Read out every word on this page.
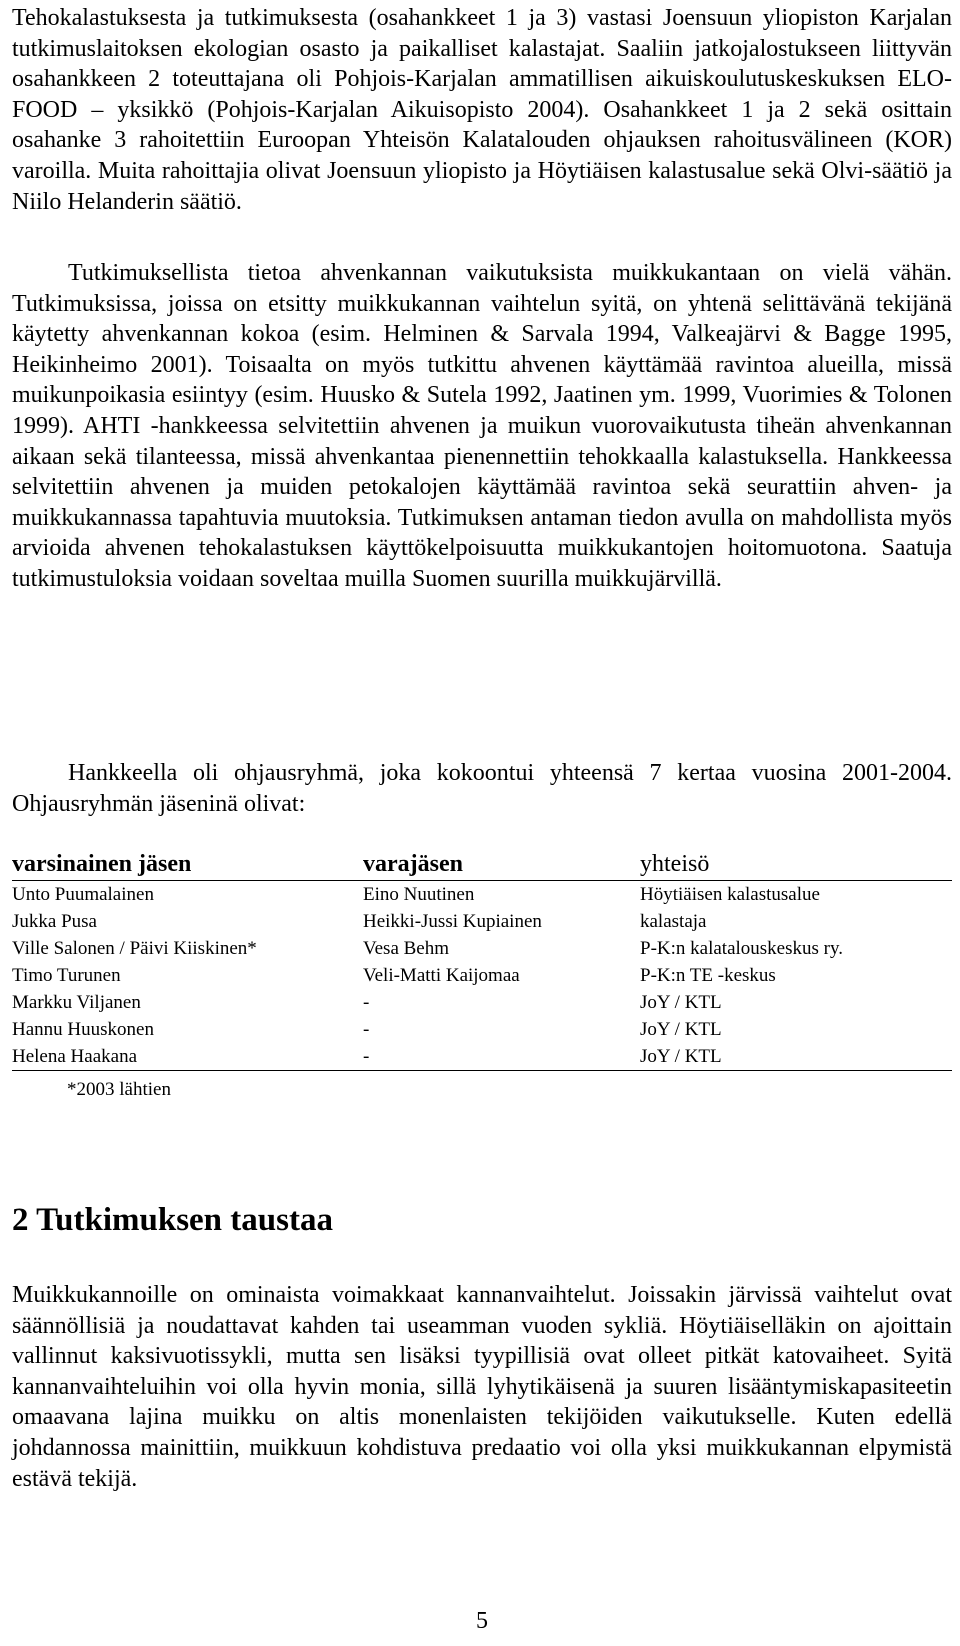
Tehokalastuksesta ja tutkimuksesta (osahankkeet 1 ja 3) vastasi Joensuun yliopiston Karjalan tutkimuslaitoksen ekologian osasto ja paikalliset kalastajat. Saaliin jatkojalostukseen liittyvän osahankkeen 2 toteuttajana oli Pohjois-Karjalan ammatillisen aikuiskoulutuskeskuksen ELO-FOOD – yksikkö (Pohjois-Karjalan Aikuisopisto 2004). Osahankkeet 1 ja 2 sekä osittain osahanke 3 rahoitettiin Euroopan Yhteisön Kalatalouden ohjauksen rahoitusvälineen (KOR) varoilla. Muita rahoittajia olivat Joensuun yliopisto ja Höytiäisen kalastusalue sekä Olvi-säätiö ja Niilo Helanderin säätiö.

Tutkimuksellista tietoa ahvenkannan vaikutuksista muikkukantaan on vielä vähän. Tutkimuksissa, joissa on etsitty muikkukannan vaihtelun syitä, on yhtenä selittävänä tekijänä käytetty ahvenkannan kokoa (esim. Helminen & Sarvala 1994, Valkeajärvi & Bagge 1995, Heikinheimo 2001). Toisaalta on myös tutkittu ahvenen käyttämää ravintoa alueilla, missä muikunpoikasia esiintyy (esim. Huusko & Sutela 1992, Jaatinen ym. 1999, Vuorimies & Tolonen 1999). AHTI -hankkeessa selvitettiin ahvenen ja muikun vuorovaikutusta tiheän ahvenkannan aikaan sekä tilanteessa, missä ahvenkantaa pienennettiin tehokkaalla kalastuksella. Hankkeessa selvitettiin ahvenen ja muiden petokalojen käyttämää ravintoa sekä seurattiin ahven- ja muikkukannassa tapahtuvia muutoksia. Tutkimuksen antaman tiedon avulla on mahdollista myös arvioida ahvenen tehokalastuksen käyttökelpoisuutta muikkukantojen hoitomuotona. Saatuja tutkimustuloksia voidaan soveltaa muilla Suomen suurilla muikkujärvillä.

Hankkeella oli ohjausryhmä, joka kokoontui yhteensä 7 kertaa vuosina 2001-2004. Ohjausryhmän jäseninä olivat:

varsinainen jäsen	varajäsen	yhteisö
Unto Puumalainen	Eino Nuutinen	Höytiäisen kalastusalue
Jukka Pusa	Heikki-Jussi Kupiainen	kalastaja
Ville Salonen / Päivi Kiiskinen*	Vesa Behm	P-K:n kalatalouskeskus ry.
Timo Turunen	Veli-Matti Kaijomaa	P-K:n TE -keskus
Markku Viljanen	-	JoY / KTL
Hannu Huuskonen	-	JoY / KTL
Helena Haakana	-	JoY / KTL
*2003 lähtien
2 Tutkimuksen taustaa

Muikkukannoille on ominaista voimakkaat kannanvaihtelut. Joissakin järvissä vaihtelut ovat säännöllisiä ja noudattavat kahden tai useamman vuoden sykliä. Höytiäiselläkin on ajoittain vallinnut kaksivuotissykli, mutta sen lisäksi tyypillisiä ovat olleet pitkät katovaiheet. Syitä kannanvaihteluihin voi olla hyvin monia, sillä lyhytikäisenä ja suuren lisääntymiskapasiteetin omaavana lajina muikku on altis monenlaisten tekijöiden vaikutukselle. Kuten edellä johdannossa mainittiin, muikkuun kohdistuva predaatio voi olla yksi muikkukannan elpymistä estävä tekijä.

5
